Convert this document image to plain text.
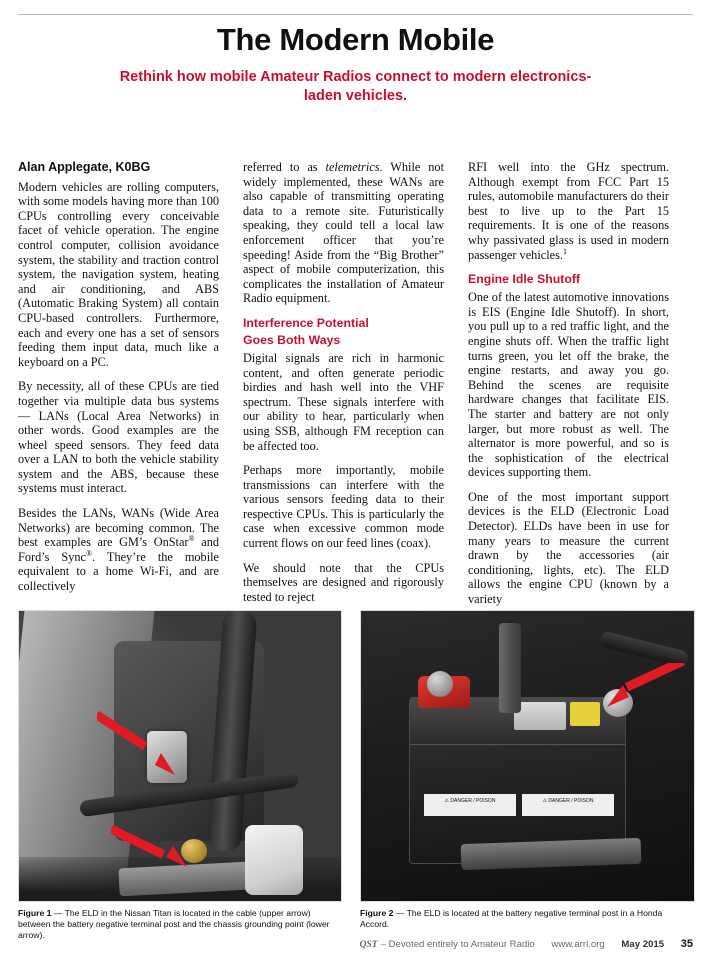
The Modern Mobile
Rethink how mobile Amateur Radios connect to modern electronics-laden vehicles.
Alan Applegate, K0BG

Modern vehicles are rolling computers, with some models having more than 100 CPUs controlling every conceivable facet of vehicle operation. The engine control computer, collision avoidance system, the stability and traction control system, the navigation system, heating and air conditioning, and ABS (Automatic Braking System) all contain CPU-based controllers. Furthermore, each and every one has a set of sensors feeding them input data, much like a keyboard on a PC.

By necessity, all of these CPUs are tied together via multiple data bus systems — LANs (Local Area Networks) in other words. Good examples are the wheel speed sensors. They feed data over a LAN to both the vehicle stability system and the ABS, because these systems must interact.

Besides the LANs, WANs (Wide Area Networks) are becoming common. The best examples are GM’s OnStar® and Ford’s Sync®. They’re the mobile equivalent to a home Wi-Fi, and are collectively

referred to as telemetrics. While not widely implemented, these WANs are also capable of transmitting operating data to a remote site. Futuristically speaking, they could tell a local law enforcement officer that you’re speeding! Aside from the “Big Brother” aspect of mobile computerization, this complicates the installation of Amateur Radio equipment.

Interference Potential
Goes Both Ways

Digital signals are rich in harmonic content, and often generate periodic birdies and hash well into the VHF spectrum. These signals interfere with our ability to hear, particularly when using SSB, although FM reception can be affected too.

Perhaps more importantly, mobile transmissions can interfere with the various sensors feeding data to their respective CPUs. This is particularly the case when excessive common mode current flows on our feed lines (coax).

We should note that the CPUs themselves are designed and rigorously tested to reject

RFI well into the GHz spectrum. Although exempt from FCC Part 15 rules, automobile manufacturers do their best to live up to the Part 15 requirements. It is one of the reasons why passivated glass is used in modern passenger vehicles.$^1$

Engine Idle Shutoff

One of the latest automotive innovations is EIS (Engine Idle Shutoff). In short, you pull up to a red traffic light, and the engine shuts off. When the traffic light turns green, you let off the brake, the engine restarts, and away you go. Behind the scenes are requisite hardware changes that facilitate EIS. The starter and battery are not only larger, but more robust as well. The alternator is more powerful, and so is the sophistication of the electrical devices supporting them.

One of the most important support devices is the ELD (Electronic Load Detector). ELDs have been in use for many years to measure the current drawn by the accessories (air conditioning, lights, etc). The ELD allows the engine CPU (known by a variety

Figure 1 — The ELD in the Nissan Titan is located in the cable (upper arrow) between the battery negative terminal post and the chassis grounding point (lower arrow).
⚠ DANGER / POISON	⚠ DANGER / POISON
Figure 2 — The ELD is located at the battery negative terminal post in a Honda Accord.
QST – Devoted entirely to Amateur Radio www.arrl.org May 2015 35
